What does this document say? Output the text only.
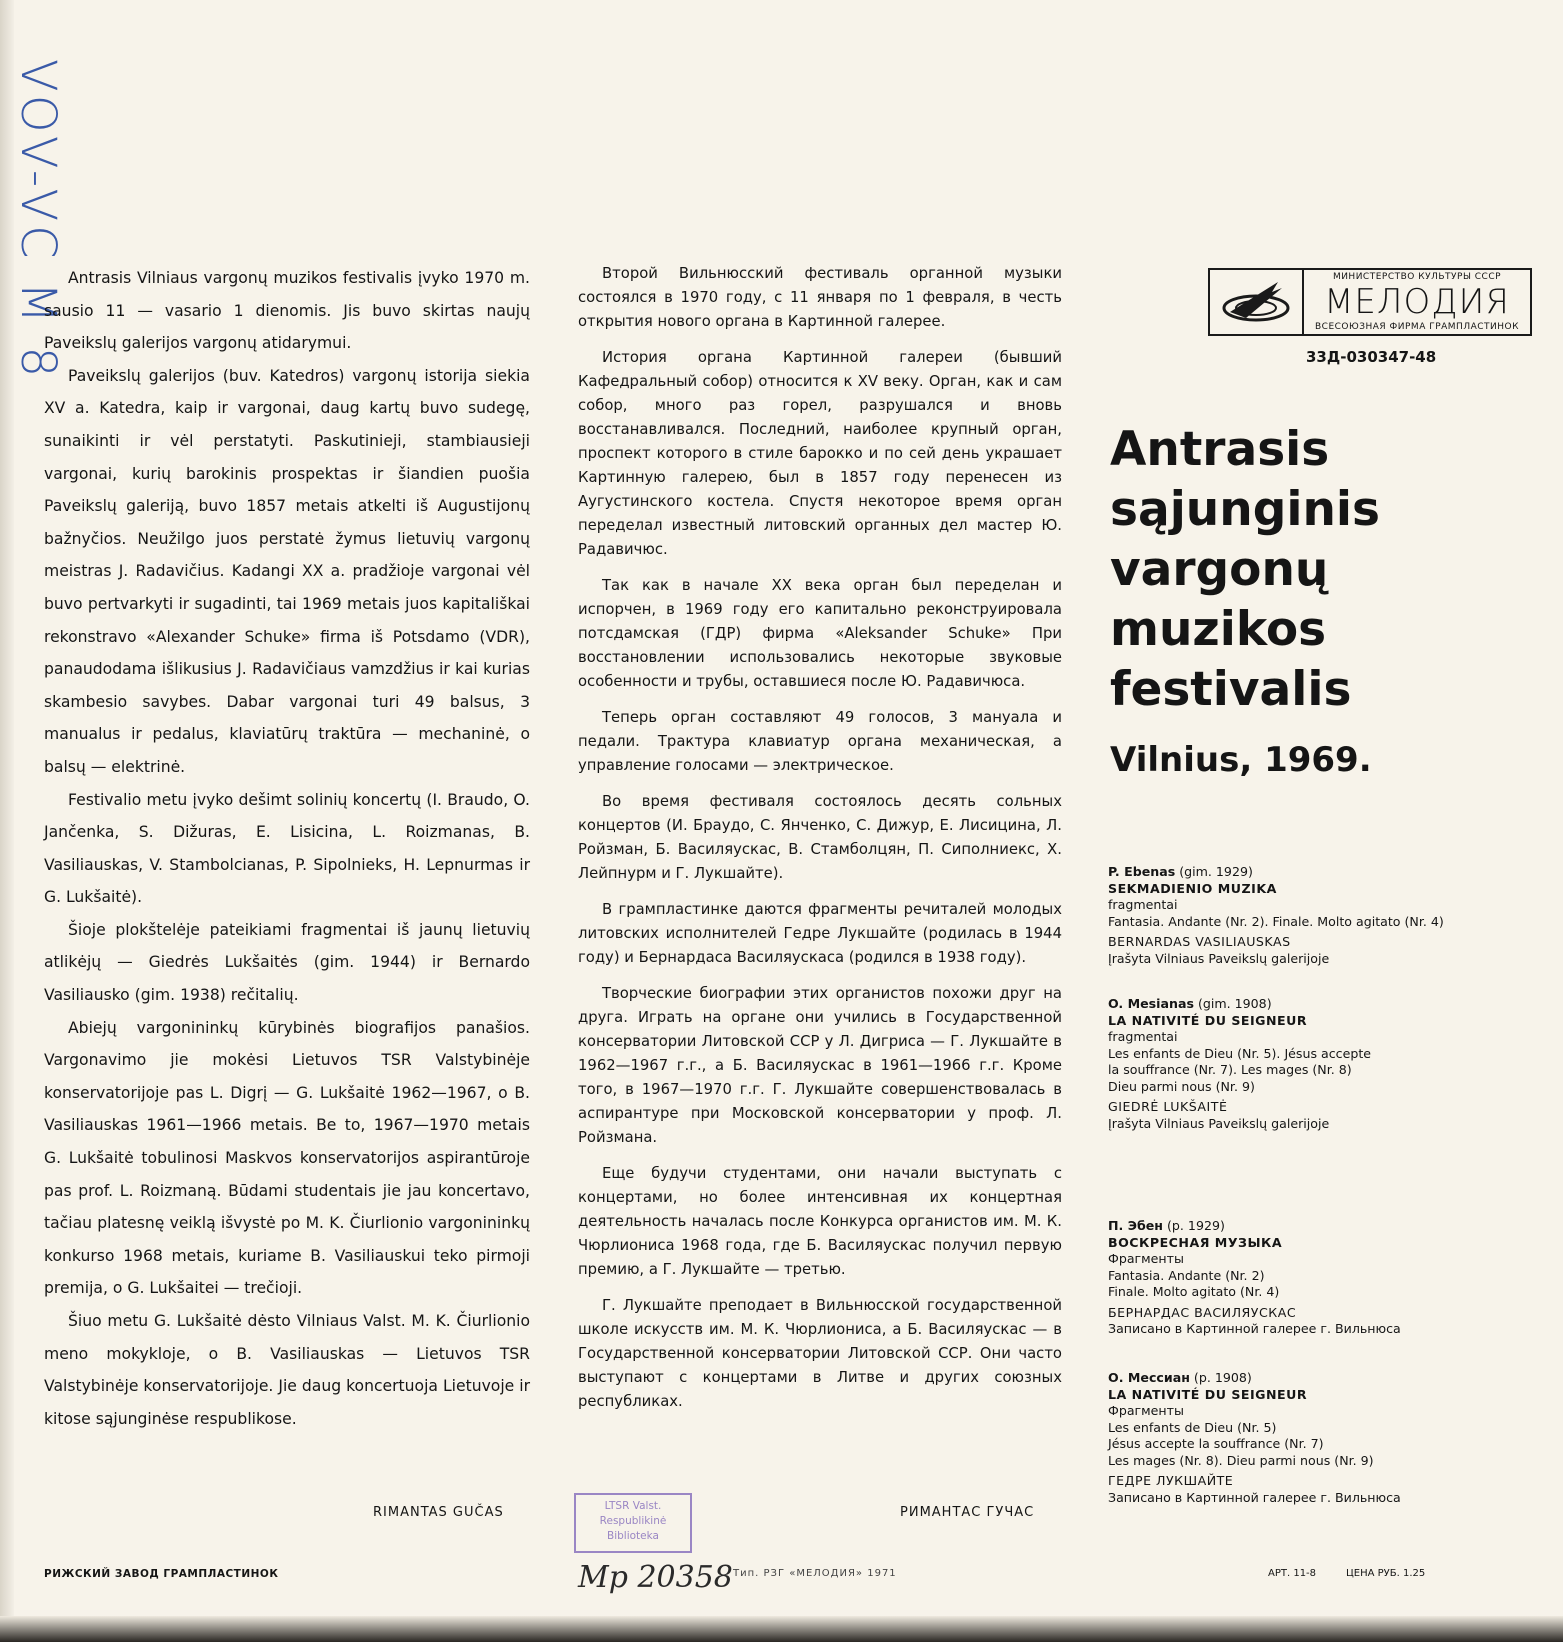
VOV-VC M 8 Antrasis Vilniaus vargonų muzikos festivalis įvyko 1970 m. sausio 11 — vasario 1 dienomis. Jis buvo skirtas naujų Paveikslų galerijos vargonų atidarymui.

Paveikslų galerijos (buv. Katedros) vargonų istorija siekia XV a. Katedra, kaip ir vargonai, daug kartų buvo sudegę, sunaikinti ir vėl perstatyti. Paskutinieji, stambiausieji vargonai, kurių barokinis prospektas ir šiandien puošia Paveikslų galeriją, buvo 1857 metais atkelti iš Augustijonų bažnyčios. Neužilgo juos perstatė žymus lietuvių vargonų meistras J. Radavičius. Kadangi XX a. pradžioje vargonai vėl buvo pertvarkyti ir sugadinti, tai 1969 metais juos kapitališkai rekonstravo «Alexander Schuke» firma iš Potsdamo (VDR), panaudodama išlikusius J. Radavičiaus vamzdžius ir kai kurias skambesio savybes. Dabar vargonai turi 49 balsus, 3 manualus ir pedalus, klaviatūrų traktūra — mechaninė, o balsų — elektrinė.

Festivalio metu įvyko dešimt solinių koncertų (I. Braudo, O. Jančenka, S. Dižuras, E. Lisicina, L. Roizmanas, B. Vasiliauskas, V. Stambolcianas, P. Sipolnieks, H. Lepnurmas ir G. Lukšaitė).

Šioje plokštelėje pateikiami fragmentai iš jaunų lietuvių atlikėjų — Giedrės Lukšaitės (gim. 1944) ir Bernardo Vasiliausko (gim. 1938) rečitalių.

Abiejų vargonininkų kūrybinės biografijos panašios. Vargonavimo jie mokėsi Lietuvos TSR Valstybinėje konservatorijoje pas L. Digrį — G. Lukšaitė 1962—1967, o B. Vasiliauskas 1961—1966 metais. Be to, 1967—1970 metais G. Lukšaitė tobulinosi Maskvos konservatorijos aspirantūroje pas prof. L. Roizmaną. Būdami studentais jie jau koncertavo, tačiau platesnę veiklą išvystė po M. K. Čiurlionio vargonininkų konkurso 1968 metais, kuriame B. Vasiliauskui teko pirmoji premija, o G. Lukšaitei — trečioji.

Šiuo metu G. Lukšaitė dėsto Vilniaus Valst. M. K. Čiurlionio meno mokykloje, o B. Vasiliauskas — Lietuvos TSR Valstybinėje konservatorijoje. Jie daug koncertuoja Lietuvoje ir kitose sąjunginėse respublikose.

RIMANTAS GUČAS

Второй Вильнюсский фестиваль органной музыки состоялся в 1970 году, с 11 января по 1 февраля, в честь открытия нового органа в Картинной галерее.

История органа Картинной галереи (бывший Кафедральный собор) относится к XV веку. Орган, как и сам собор, много раз горел, разрушался и вновь восстанавливался. Последний, наиболее крупный орган, проспект которого в стиле барокко и по сей день украшает Картинную галерею, был в 1857 году перенесен из Аугустинского костела. Спустя некоторое время орган переделал известный литовский органных дел мастер Ю. Радавичюс.

Так как в начале XX века орган был переделан и испорчен, в 1969 году его капитально реконструировала потсдамская (ГДР) фирма «Aleksander Schuke» При восстановлении использовались некоторые звуковые особенности и трубы, оставшиеся после Ю. Радавичюса.

Теперь орган составляют 49 голосов, 3 мануала и педали. Трактура клавиатур органа механическая, а управление голосами — электрическое.

Во время фестиваля состоялось десять сольных концертов (И. Браудо, С. Янченко, С. Дижур, Е. Лисицина, Л. Ройзман, Б. Василяускас, В. Стамболцян, П. Сиполниекс, Х. Лейпнурм и Г. Лукшайте).

В грампластинке даются фрагменты речиталей молодых литовских исполнителей Гедре Лукшайте (родилась в 1944 году) и Бернардаса Василяускаса (родился в 1938 году).

Творческие биографии этих органистов похожи друг на друга. Играть на органе они учились в Государственной консерватории Литовской ССР у Л. Дигриса — Г. Лукшайте в 1962—1967 г.г., а Б. Василяускас в 1961—1966 г.г. Кроме того, в 1967—1970 г.г. Г. Лукшайте совершенствовалась в аспирантуре при Московской консерватории у проф. Л. Ройзмана.

Еще будучи студентами, они начали выступать с концертами, но более интенсивная их концертная деятельность началась после Конкурса органистов им. М. К. Чюрлиониса 1968 года, где Б. Василяускас получил первую премию, а Г. Лукшайте — третью.

Г. Лукшайте преподает в Вильнюсской государственной школе искусств им. М. К. Чюрлиониса, а Б. Василяускас — в Государственной консерватории Литовской ССР. Они часто выступают с концертами в Литве и других союзных республиках.

РИМАНТАС ГУЧАС
МИНИСТЕРСТВО КУЛЬТУРЫ СССР
МЕЛОДИЯ
ВСЕСОЮЗНАЯ ФИРМА ГРАМПЛАСТИНОК
33Д-030347-48
Antrasis
sąjunginis
vargonų
muzikos
festivalis
Vilnius, 1969.
P. Ebenas (gim. 1929)
SEKMADIENIO MUZIKA
fragmentai
Fantasia. Andante (Nr. 2). Finale. Molto agitato (Nr. 4)
BERNARDAS VASILIAUSKAS
Įrašyta Vilniaus Paveikslų galerijoje
O. Mesianas (gim. 1908)
LA NATIVITÉ DU SEIGNEUR
fragmentai
Les enfants de Dieu (Nr. 5). Jésus accepte
la souffrance (Nr. 7). Les mages (Nr. 8)
Dieu parmi nous (Nr. 9)
GIEDRĖ LUKŠAITĖ
Įrašyta Vilniaus Paveikslų galerijoje
П. Эбен (р. 1929)
ВОСКРЕСНАЯ МУЗЫКА
Фрагменты
Fantasia. Andante (Nr. 2)
Finale. Molto agitato (Nr. 4)
БЕРНАРДАС ВАСИЛЯУСКАС
Записано в Картинной галерее г. Вильнюса
О. Мессиан (р. 1908)
LA NATIVITÉ DU SEIGNEUR
Фрагменты
Les enfants de Dieu (Nr. 5)
Jésus accepte la souffrance (Nr. 7)
Les mages (Nr. 8). Dieu parmi nous (Nr. 9)
ГЕДРЕ ЛУКШАЙТЕ
Записано в Картинной галерее г. Вильнюса
LTSR Valst.
Respublikinė
Biblioteka
Мр 20358
РИЖСКИЙ ЗАВОД ГРАМПЛАСТИНОК	Тип. РЗГ «МЕЛОДИЯ» 1971	АРТ. 11-8	ЦЕНА РУБ. 1.25
